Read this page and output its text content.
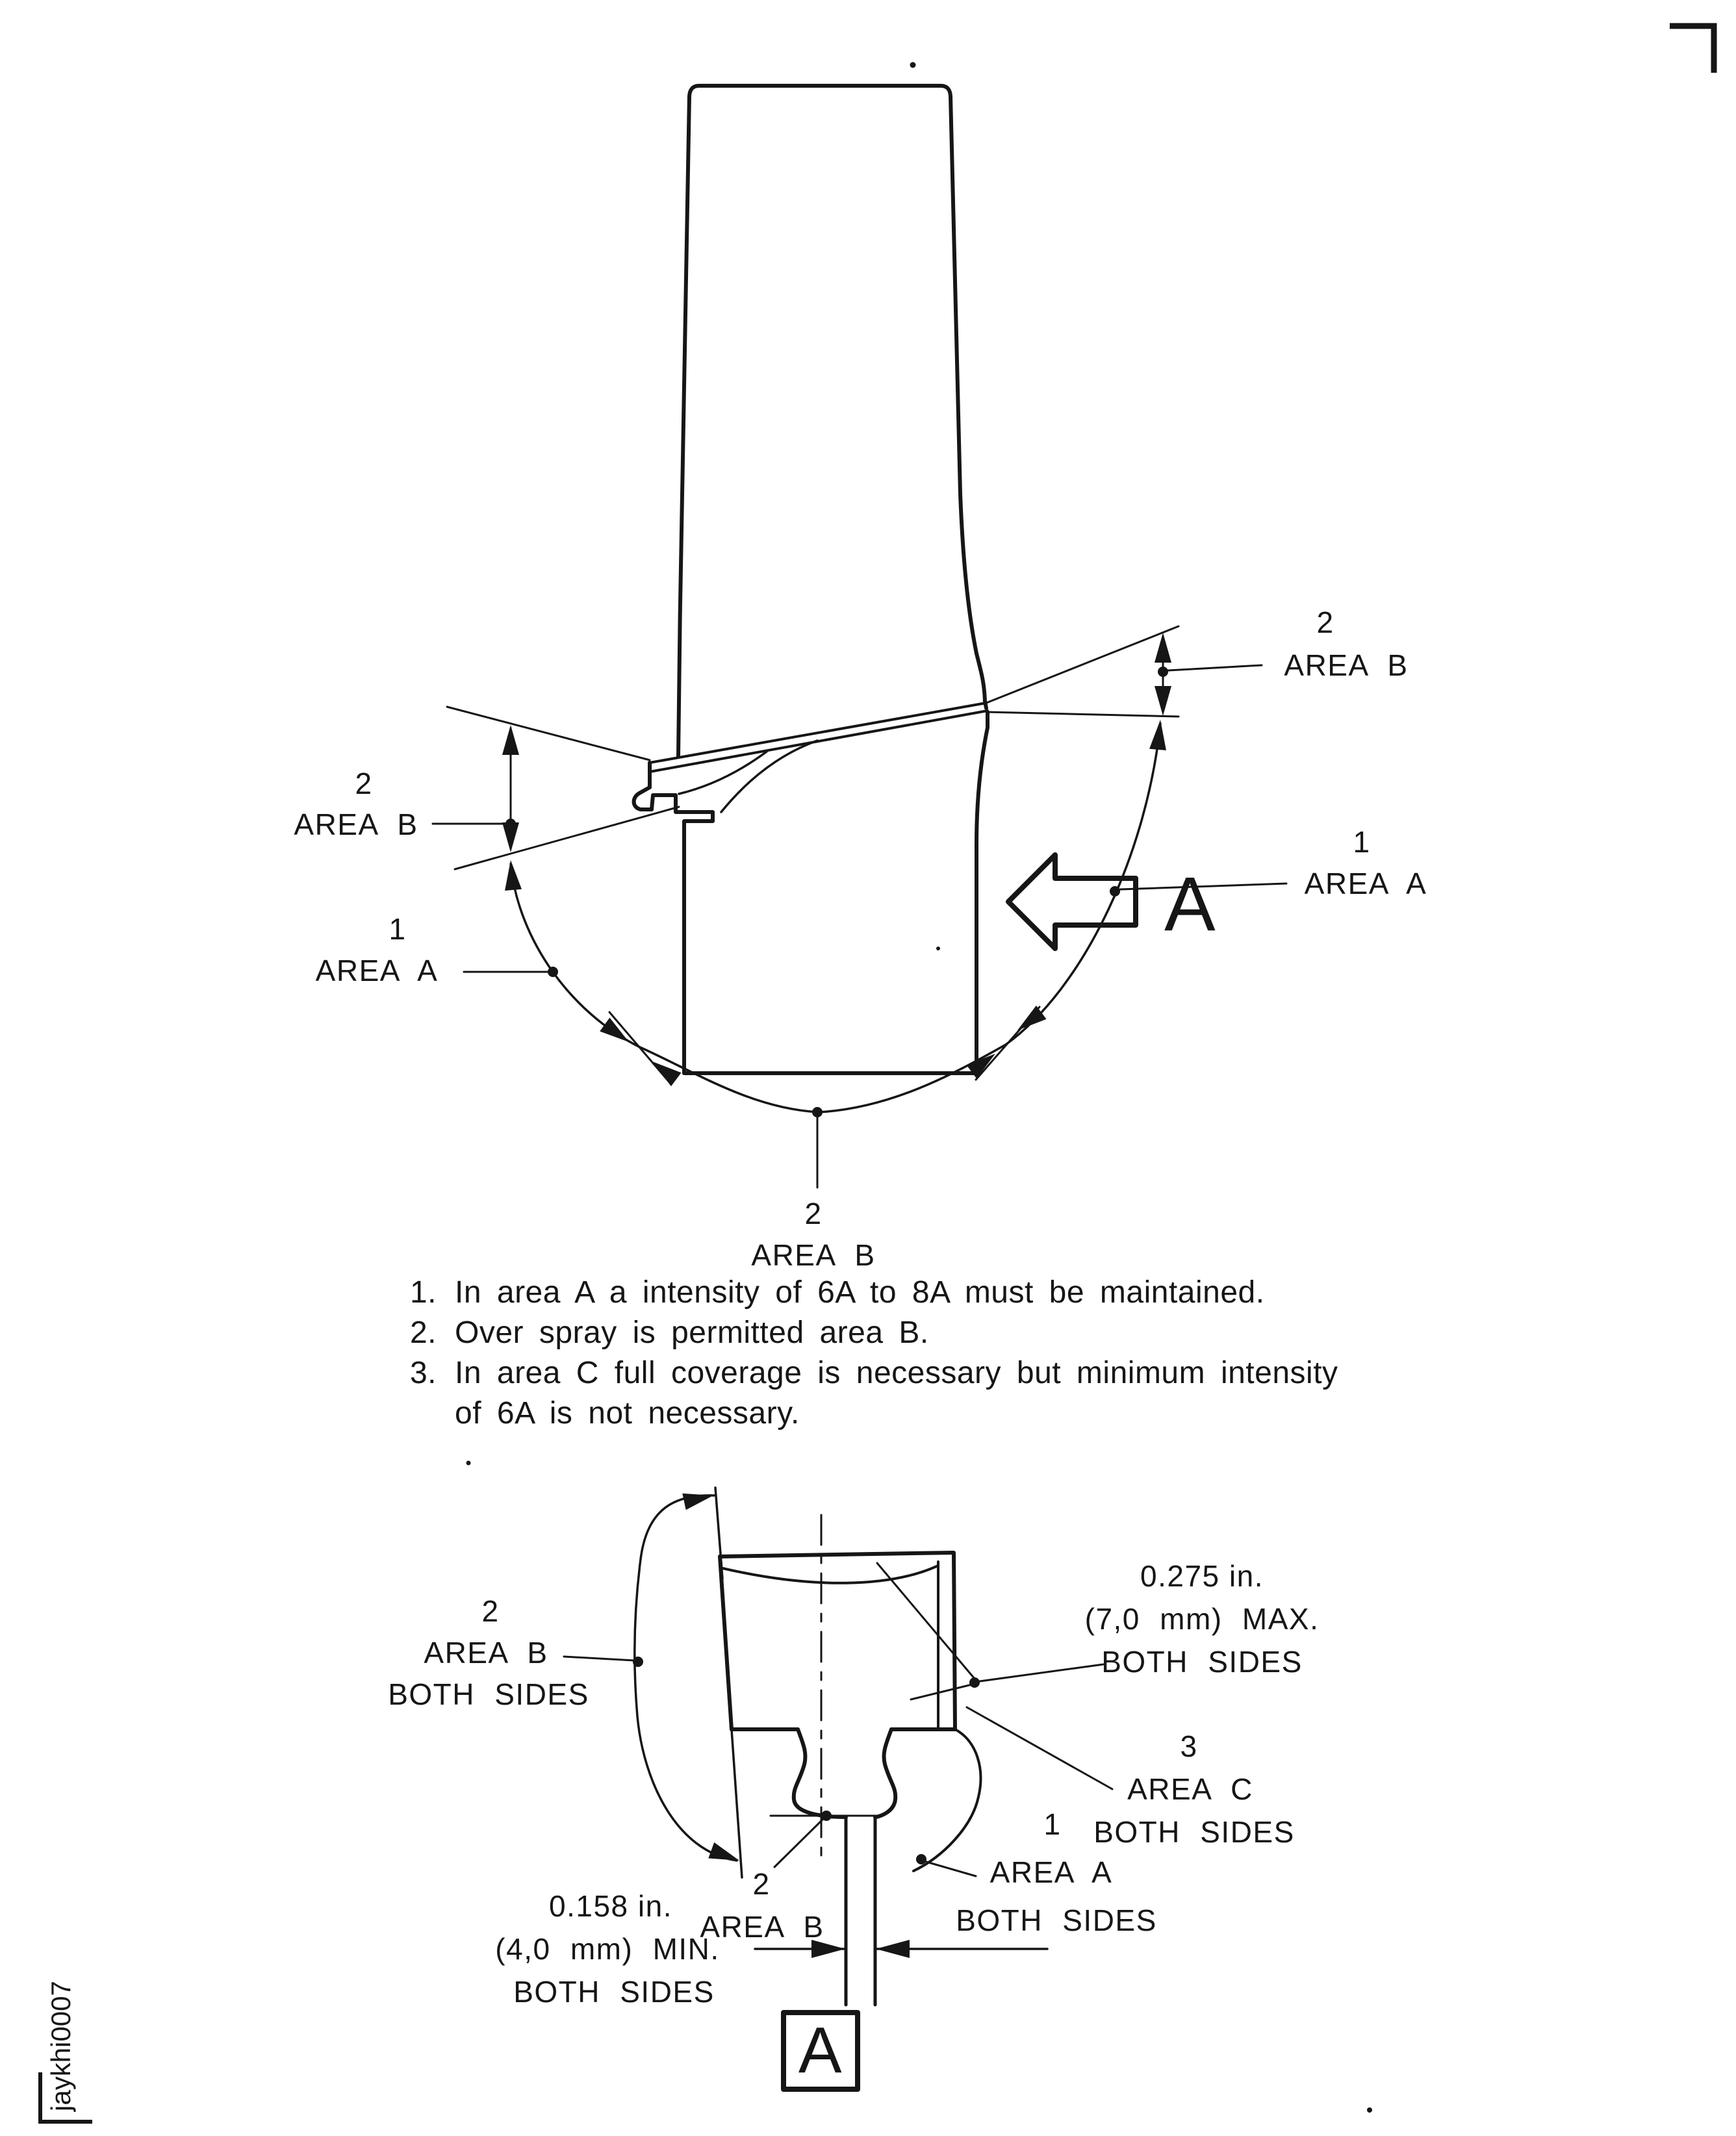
jaykhi0007
A
2
AREA B
1
AREA A
2
AREA B
1
AREA A
2
AREA B
1. In area A a intensity of 6A to 8A must be maintained.
2. Over spray is permitted area B.
3. In area C full coverage is necessary but minimum intensity
of 6A is not necessary.
A
2
AREA B
BOTH SIDES
0.275 in.
(7,0 mm) MAX.
BOTH SIDES
3
AREA C
BOTH SIDES
1
AREA A
BOTH SIDES
2
AREA B
0.158 in.
(4,0 mm) MIN.
BOTH SIDES
